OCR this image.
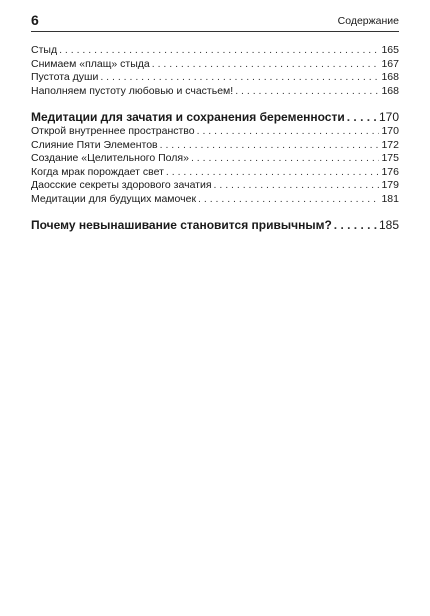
6	Содержание
Стыд . . .	165
Снимаем «плащ» стыда . . .	167
Пустота души . . .	168
Наполняем пустоту любовью и счастьем! . . .	168
Медитации для зачатия и сохранения беременности . . .	170
Открой внутреннее пространство . . .	170
Слияние Пяти Элементов . . .	172
Создание «Целительного Поля» . . .	175
Когда мрак порождает свет . . .	176
Даосские секреты здорового зачатия . . .	179
Медитации для будущих мамочек . . .	181
Почему невынашивание становится привычным? . . .	185
